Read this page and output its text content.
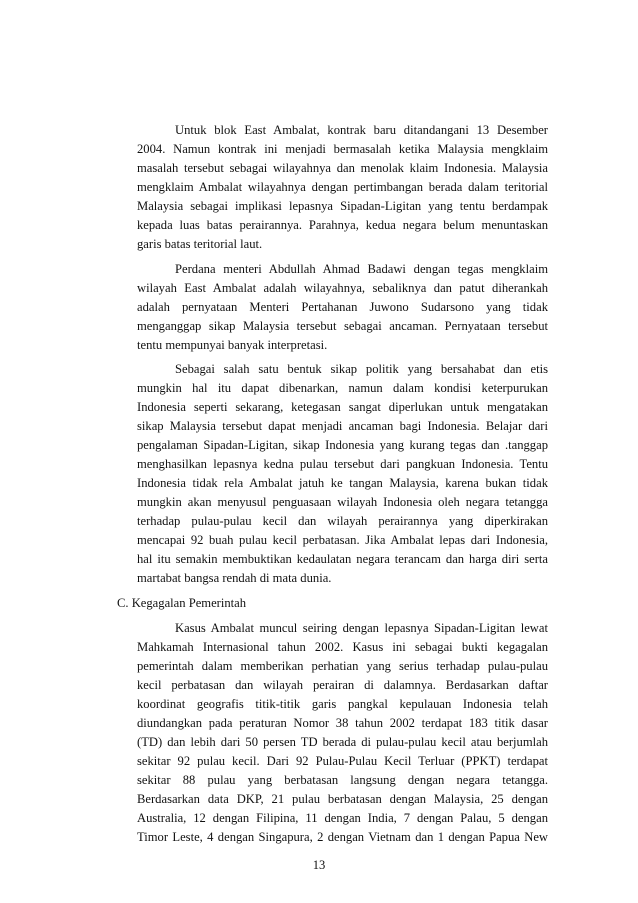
Untuk blok East Ambalat, kontrak baru ditandangani 13 Desember
2004. Namun kontrak ini menjadi bermasalah ketika Malaysia mengklaim
masalah tersebut sebagai wilayahnya dan menolak klaim Indonesia. Malaysia
mengklaim Ambalat wilayahnya dengan pertimbangan berada dalam teritorial
Malaysia sebagai implikasi lepasnya Sipadan-Ligitan yang tentu berdampak
kepada luas batas perairannya. Parahnya, kedua negara belum menuntaskan
garis batas teritorial laut.
Perdana menteri Abdullah Ahmad Badawi dengan tegas mengklaim
wilayah East Ambalat adalah wilayahnya, sebaliknya dan patut diherankah
adalah pernyataan Menteri Pertahanan Juwono Sudarsono yang tidak
menganggap sikap Malaysia tersebut sebagai ancaman. Pernyataan tersebut
tentu mempunyai banyak interpretasi.
Sebagai salah satu bentuk sikap politik yang bersahabat dan etis
mungkin hal itu dapat dibenarkan, namun dalam kondisi keterpurukan
Indonesia seperti sekarang, ketegasan sangat diperlukan untuk mengatakan
sikap Malaysia tersebut dapat menjadi ancaman bagi Indonesia. Belajar dari
pengalaman Sipadan-Ligitan, sikap Indonesia yang kurang tegas dan .tanggap
menghasilkan lepasnya kedna pulau tersebut dari pangkuan Indonesia. Tentu
Indonesia tidak rela Ambalat jatuh ke tangan Malaysia, karena bukan tidak
mungkin akan menyusul penguasaan wilayah Indonesia oleh negara tetangga
terhadap pulau-pulau kecil dan wilayah perairannya yang diperkirakan
mencapai 92 buah pulau kecil perbatasan. Jika Ambalat lepas dari Indonesia,
hal itu semakin membuktikan kedaulatan negara terancam dan harga diri serta
martabat bangsa rendah di mata dunia.
C. Kegagalan Pemerintah
Kasus Ambalat muncul seiring dengan lepasnya Sipadan-Ligitan lewat
Mahkamah Internasional tahun 2002. Kasus ini sebagai bukti kegagalan
pemerintah dalam memberikan perhatian yang serius terhadap pulau-pulau
kecil perbatasan dan wilayah perairan di dalamnya. Berdasarkan daftar
koordinat geografis titik-titik garis pangkal kepulauan Indonesia telah
diundangkan pada peraturan Nomor 38 tahun 2002 terdapat 183 titik dasar
(TD) dan lebih dari 50 persen TD berada di pulau-pulau kecil atau berjumlah
sekitar 92 pulau kecil. Dari 92 Pulau-Pulau Kecil Terluar (PPKT) terdapat
sekitar 88 pulau yang berbatasan langsung dengan negara tetangga.
Berdasarkan data DKP, 21 pulau berbatasan dengan Malaysia, 25 dengan
Australia, 12 dengan Filipina, 11 dengan India, 7 dengan Palau, 5 dengan
Timor Leste, 4 dengan Singapura, 2 dengan Vietnam dan 1 dengan Papua New
13
